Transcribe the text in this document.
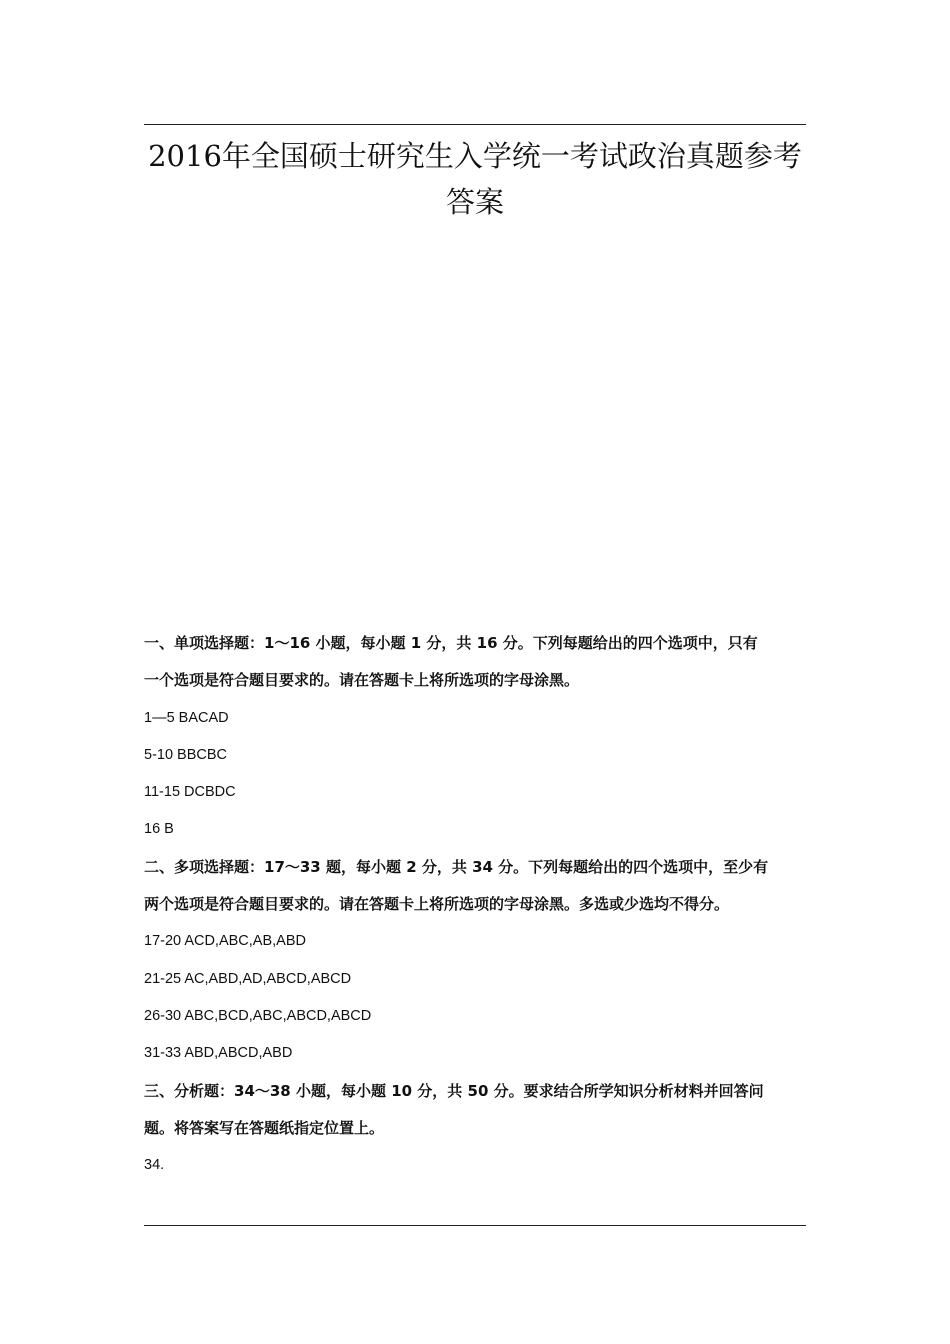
2016年全国硕士研究生入学统一考试政治真题参考
答案
一、单项选择题：1～16 小题，每小题 1 分，共 16 分。下列每题给出的四个选项中，只有
一个选项是符合题目要求的。请在答题卡上将所选项的字母涂黑。
1—5 BACAD
5-10 BBCBC
11-15 DCBDC
16 B
二、多项选择题：17～33 题，每小题 2 分，共 34 分。下列每题给出的四个选项中，至少有
两个选项是符合题目要求的。请在答题卡上将所选项的字母涂黑。多选或少选均不得分。
17-20 ACD,ABC,AB,ABD
21-25 AC,ABD,AD,ABCD,ABCD
26-30 ABC,BCD,ABC,ABCD,ABCD
31-33 ABD,ABCD,ABD
三、分析题：34～38 小题，每小题 10 分，共 50 分。要求结合所学知识分析材料并回答问
题。将答案写在答题纸指定位置上。
34.
